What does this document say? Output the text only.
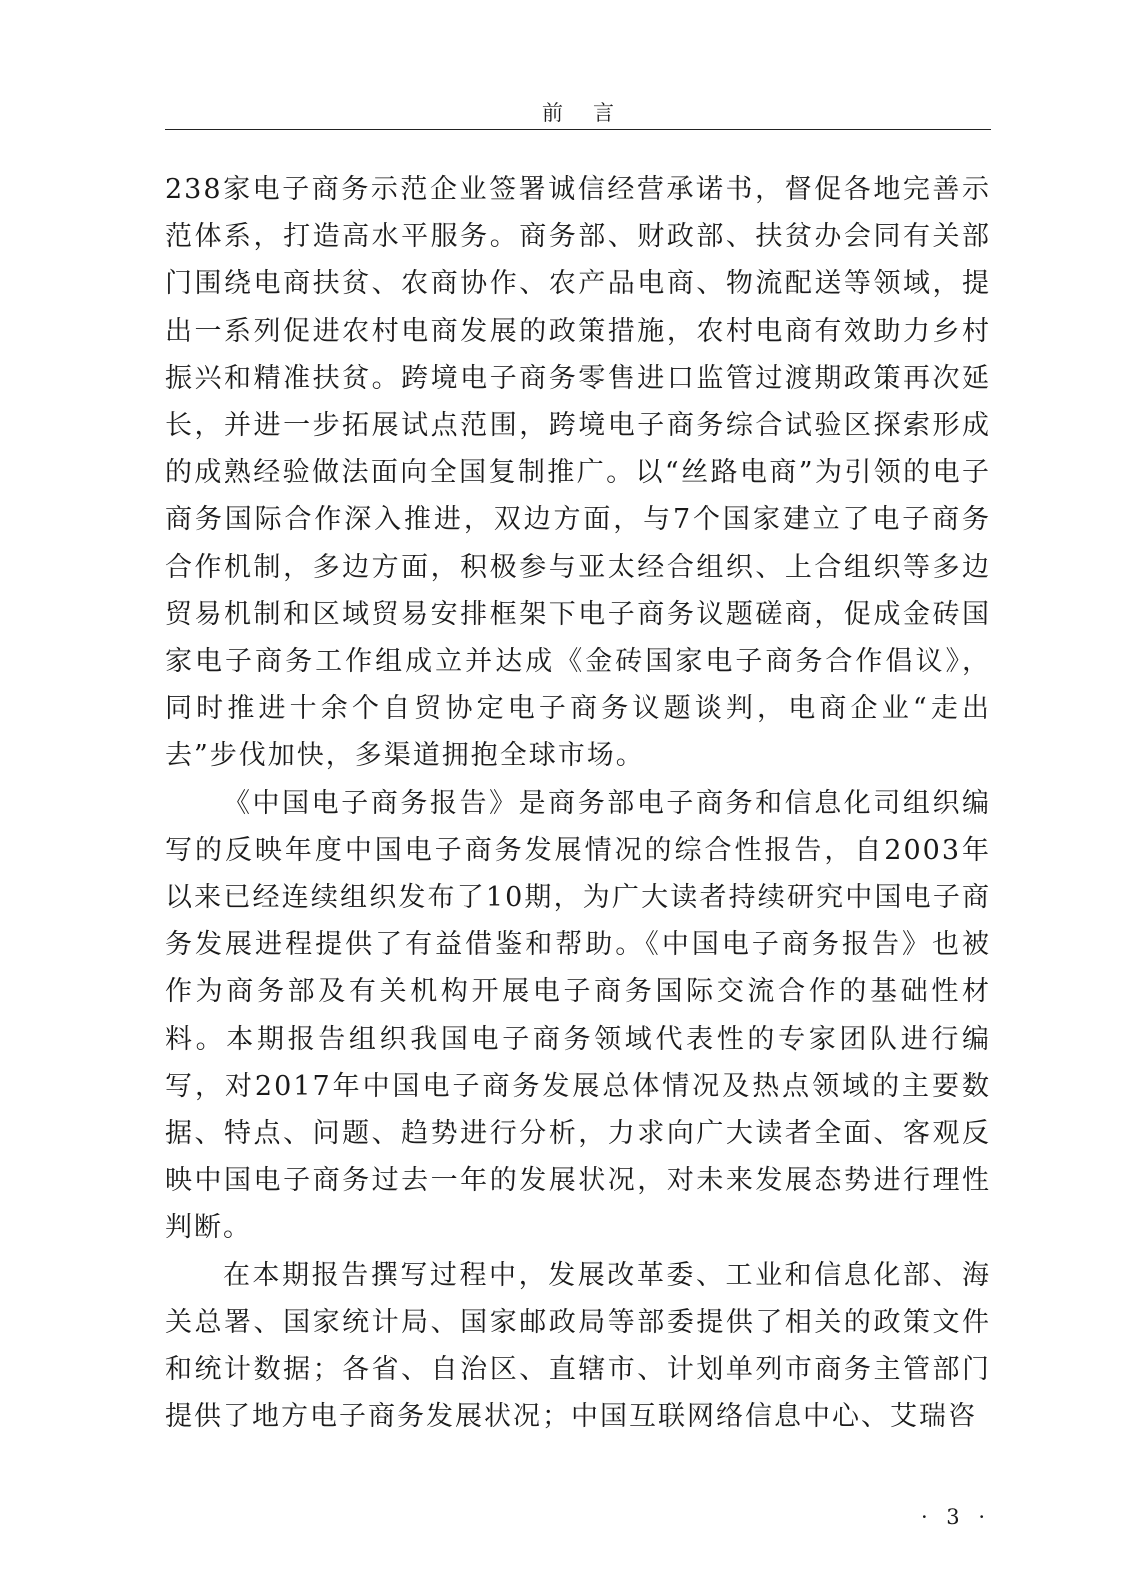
前言

238家电子商务示范企业签署诚信经营承诺书，督促各地完善示范体系，打造高水平服务。商务部、财政部、扶贫办会同有关部门围绕电商扶贫、农商协作、农产品电商、物流配送等领域，提出一系列促进农村电商发展的政策措施，农村电商有效助力乡村振兴和精准扶贫。跨境电子商务零售进口监管过渡期政策再次延长，并进一步拓展试点范围，跨境电子商务综合试验区探索形成的成熟经验做法面向全国复制推广。以“丝路电商”为引领的电子商务国际合作深入推进，双边方面，与7个国家建立了电子商务合作机制，多边方面，积极参与亚太经合组织、上合组织等多边贸易机制和区域贸易安排框架下电子商务议题磋商，促成金砖国家电子商务工作组成立并达成《金砖国家电子商务合作倡议》，同时推进十余个自贸协定电子商务议题谈判，电商企业“走出去”步伐加快，多渠道拥抱全球市场。

《中国电子商务报告》是商务部电子商务和信息化司组织编写的反映年度中国电子商务发展情况的综合性报告，自2003年以来已经连续组织发布了10期，为广大读者持续研究中国电子商务发展进程提供了有益借鉴和帮助。《中国电子商务报告》也被作为商务部及有关机构开展电子商务国际交流合作的基础性材料。本期报告组织我国电子商务领域代表性的专家团队进行编写，对2017年中国电子商务发展总体情况及热点领域的主要数据、特点、问题、趋势进行分析，力求向广大读者全面、客观反映中国电子商务过去一年的发展状况，对未来发展态势进行理性判断。

在本期报告撰写过程中，发展改革委、工业和信息化部、海关总署、国家统计局、国家邮政局等部委提供了相关的政策文件和统计数据；各省、自治区、直辖市、计划单列市商务主管部门提供了地方电子商务发展状况；中国互联网络信息中心、艾瑞咨

· 3 ·
